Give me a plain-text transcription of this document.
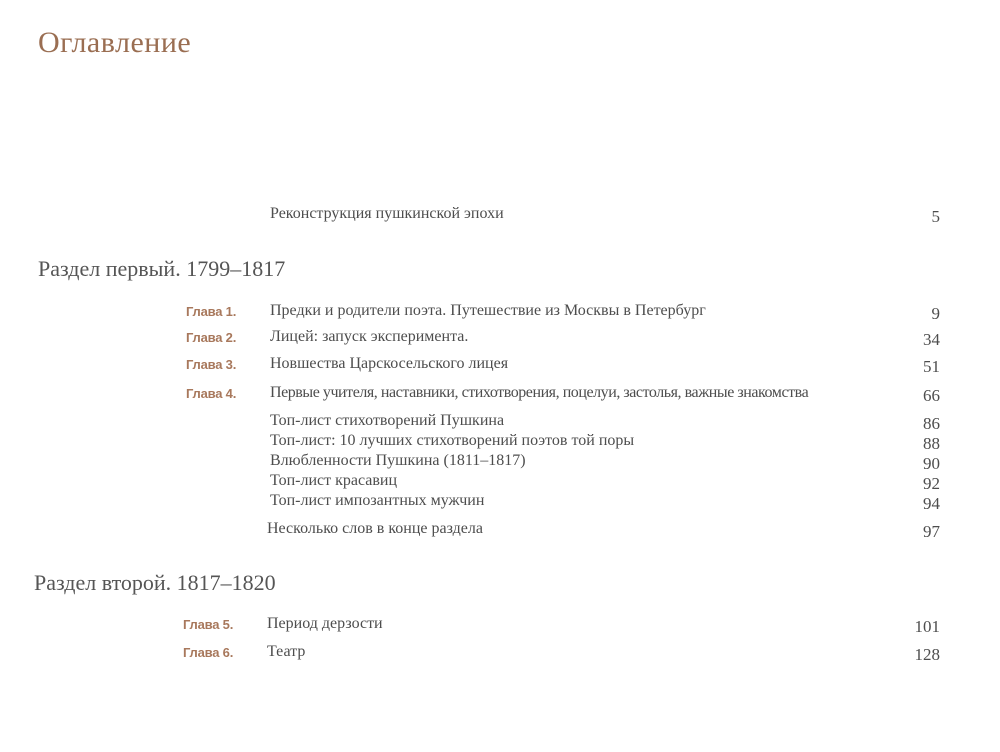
Оглавление
Реконструкция пушкинской эпохи	5
Раздел первый. 1799–1817
Глава 1. Предки и родители поэта. Путешествие из Москвы в Петербург	9
Глава 2. Лицей: запуск эксперимента.	34
Глава 3. Новшества Царскосельского лицея	51
Глава 4. Первые учителя, наставники, стихотворения, поцелуи, застолья, важные знакомства	66
Топ-лист стихотворений Пушкина	86
Топ-лист: 10 лучших стихотворений поэтов той поры	88
Влюбленности Пушкина (1811–1817)	90
Топ-лист красавиц	92
Топ-лист импозантных мужчин	94
Несколько слов в конце раздела	97
Раздел второй. 1817–1820
Глава 5. Период дерзости	101
Глава 6. Театр	128
